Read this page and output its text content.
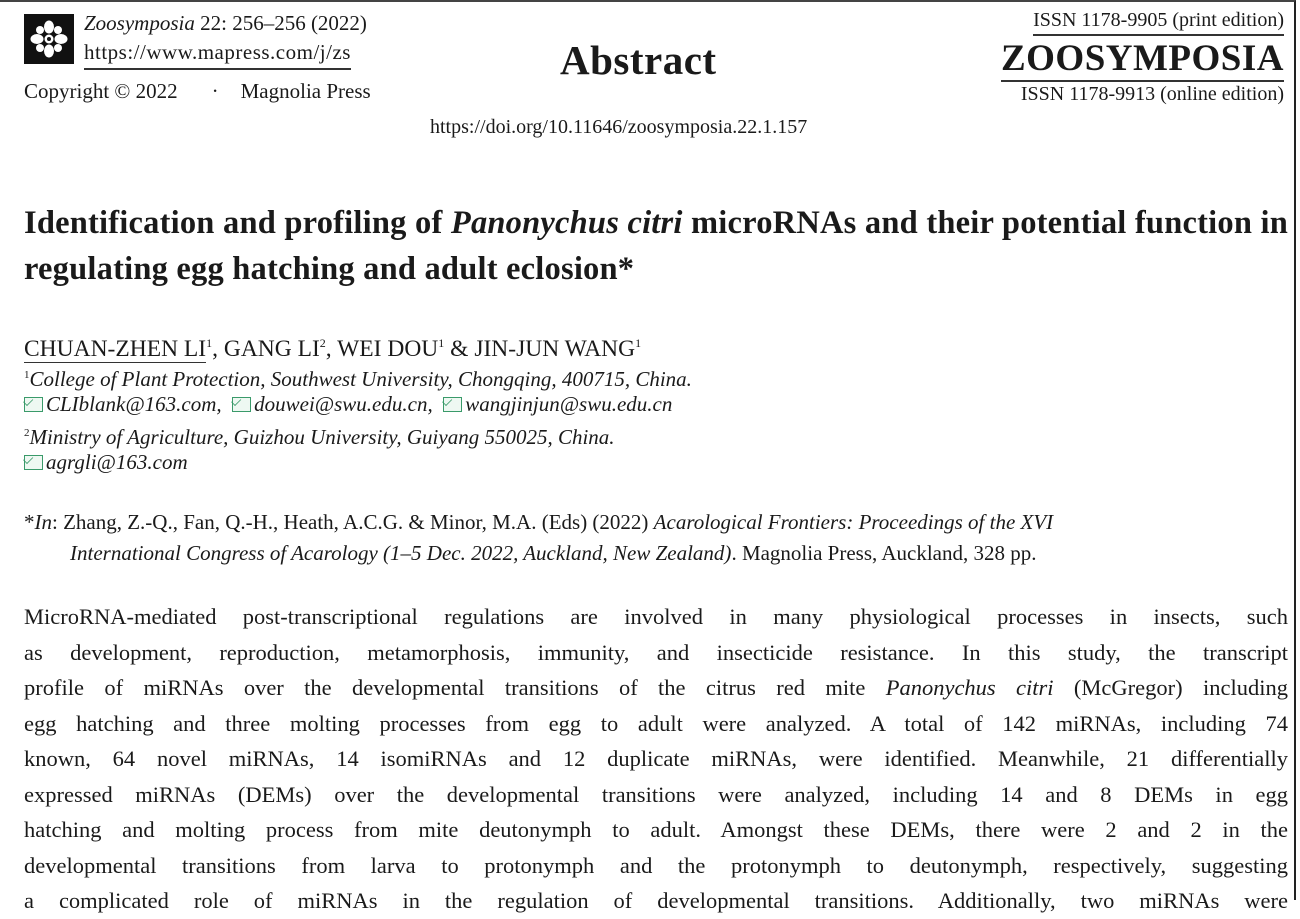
Zoosymposia 22: 256–256 (2022)
https://www.mapress.com/j/zs
Copyright © 2022 · Magnolia Press
Abstract
https://doi.org/10.11646/zoosymposia.22.1.157
ISSN 1178-9905 (print edition)
ZOOSYMPOSIA
ISSN 1178-9913 (online edition)
Identification and profiling of Panonychus citri microRNAs and their potential function in regulating egg hatching and adult eclosion*
CHUAN-ZHEN $LI^1$, GANG $LI^2$, WEI DOU$^1$ & JIN-JUN WANG$^1$
$^1$College of Plant Protection, Southwest University, Chongqing, 400715, China.
CLIblank@163.com, douwei@swu.edu.cn, wangjinjun@swu.edu.cn
$^2$Ministry of Agriculture, Guizhou University, Guiyang 550025, China.
agrgli@163.com
*In: Zhang, Z.-Q., Fan, Q.-H., Heath, A.C.G. & Minor, M.A. (Eds) (2022) Acarological Frontiers: Proceedings of the XVI
International Congress of Acarology (1–5 Dec. 2022, Auckland, New Zealand). Magnolia Press, Auckland, 328 pp.
MicroRNA-mediated post-transcriptional regulations are involved in many physiological processes in insects, such
as development, reproduction, metamorphosis, immunity, and insecticide resistance. In this study, the transcript
profile of miRNAs over the developmental transitions of the citrus red mite Panonychus citri (McGregor) including
egg hatching and three molting processes from egg to adult were analyzed. A total of 142 miRNAs, including 74
known, 64 novel miRNAs, 14 isomiRNAs and 12 duplicate miRNAs, were identified. Meanwhile, 21 differentially
expressed miRNAs (DEMs) over the developmental transitions were analyzed, including 14 and 8 DEMs in egg
hatching and molting process from mite deutonymph to adult. Amongst these DEMs, there were 2 and 2 in the
developmental transitions from larva to protonymph and the protonymph to deutonymph, respectively, suggesting
a complicated role of miRNAs in the regulation of developmental transitions. Additionally, two miRNAs were
